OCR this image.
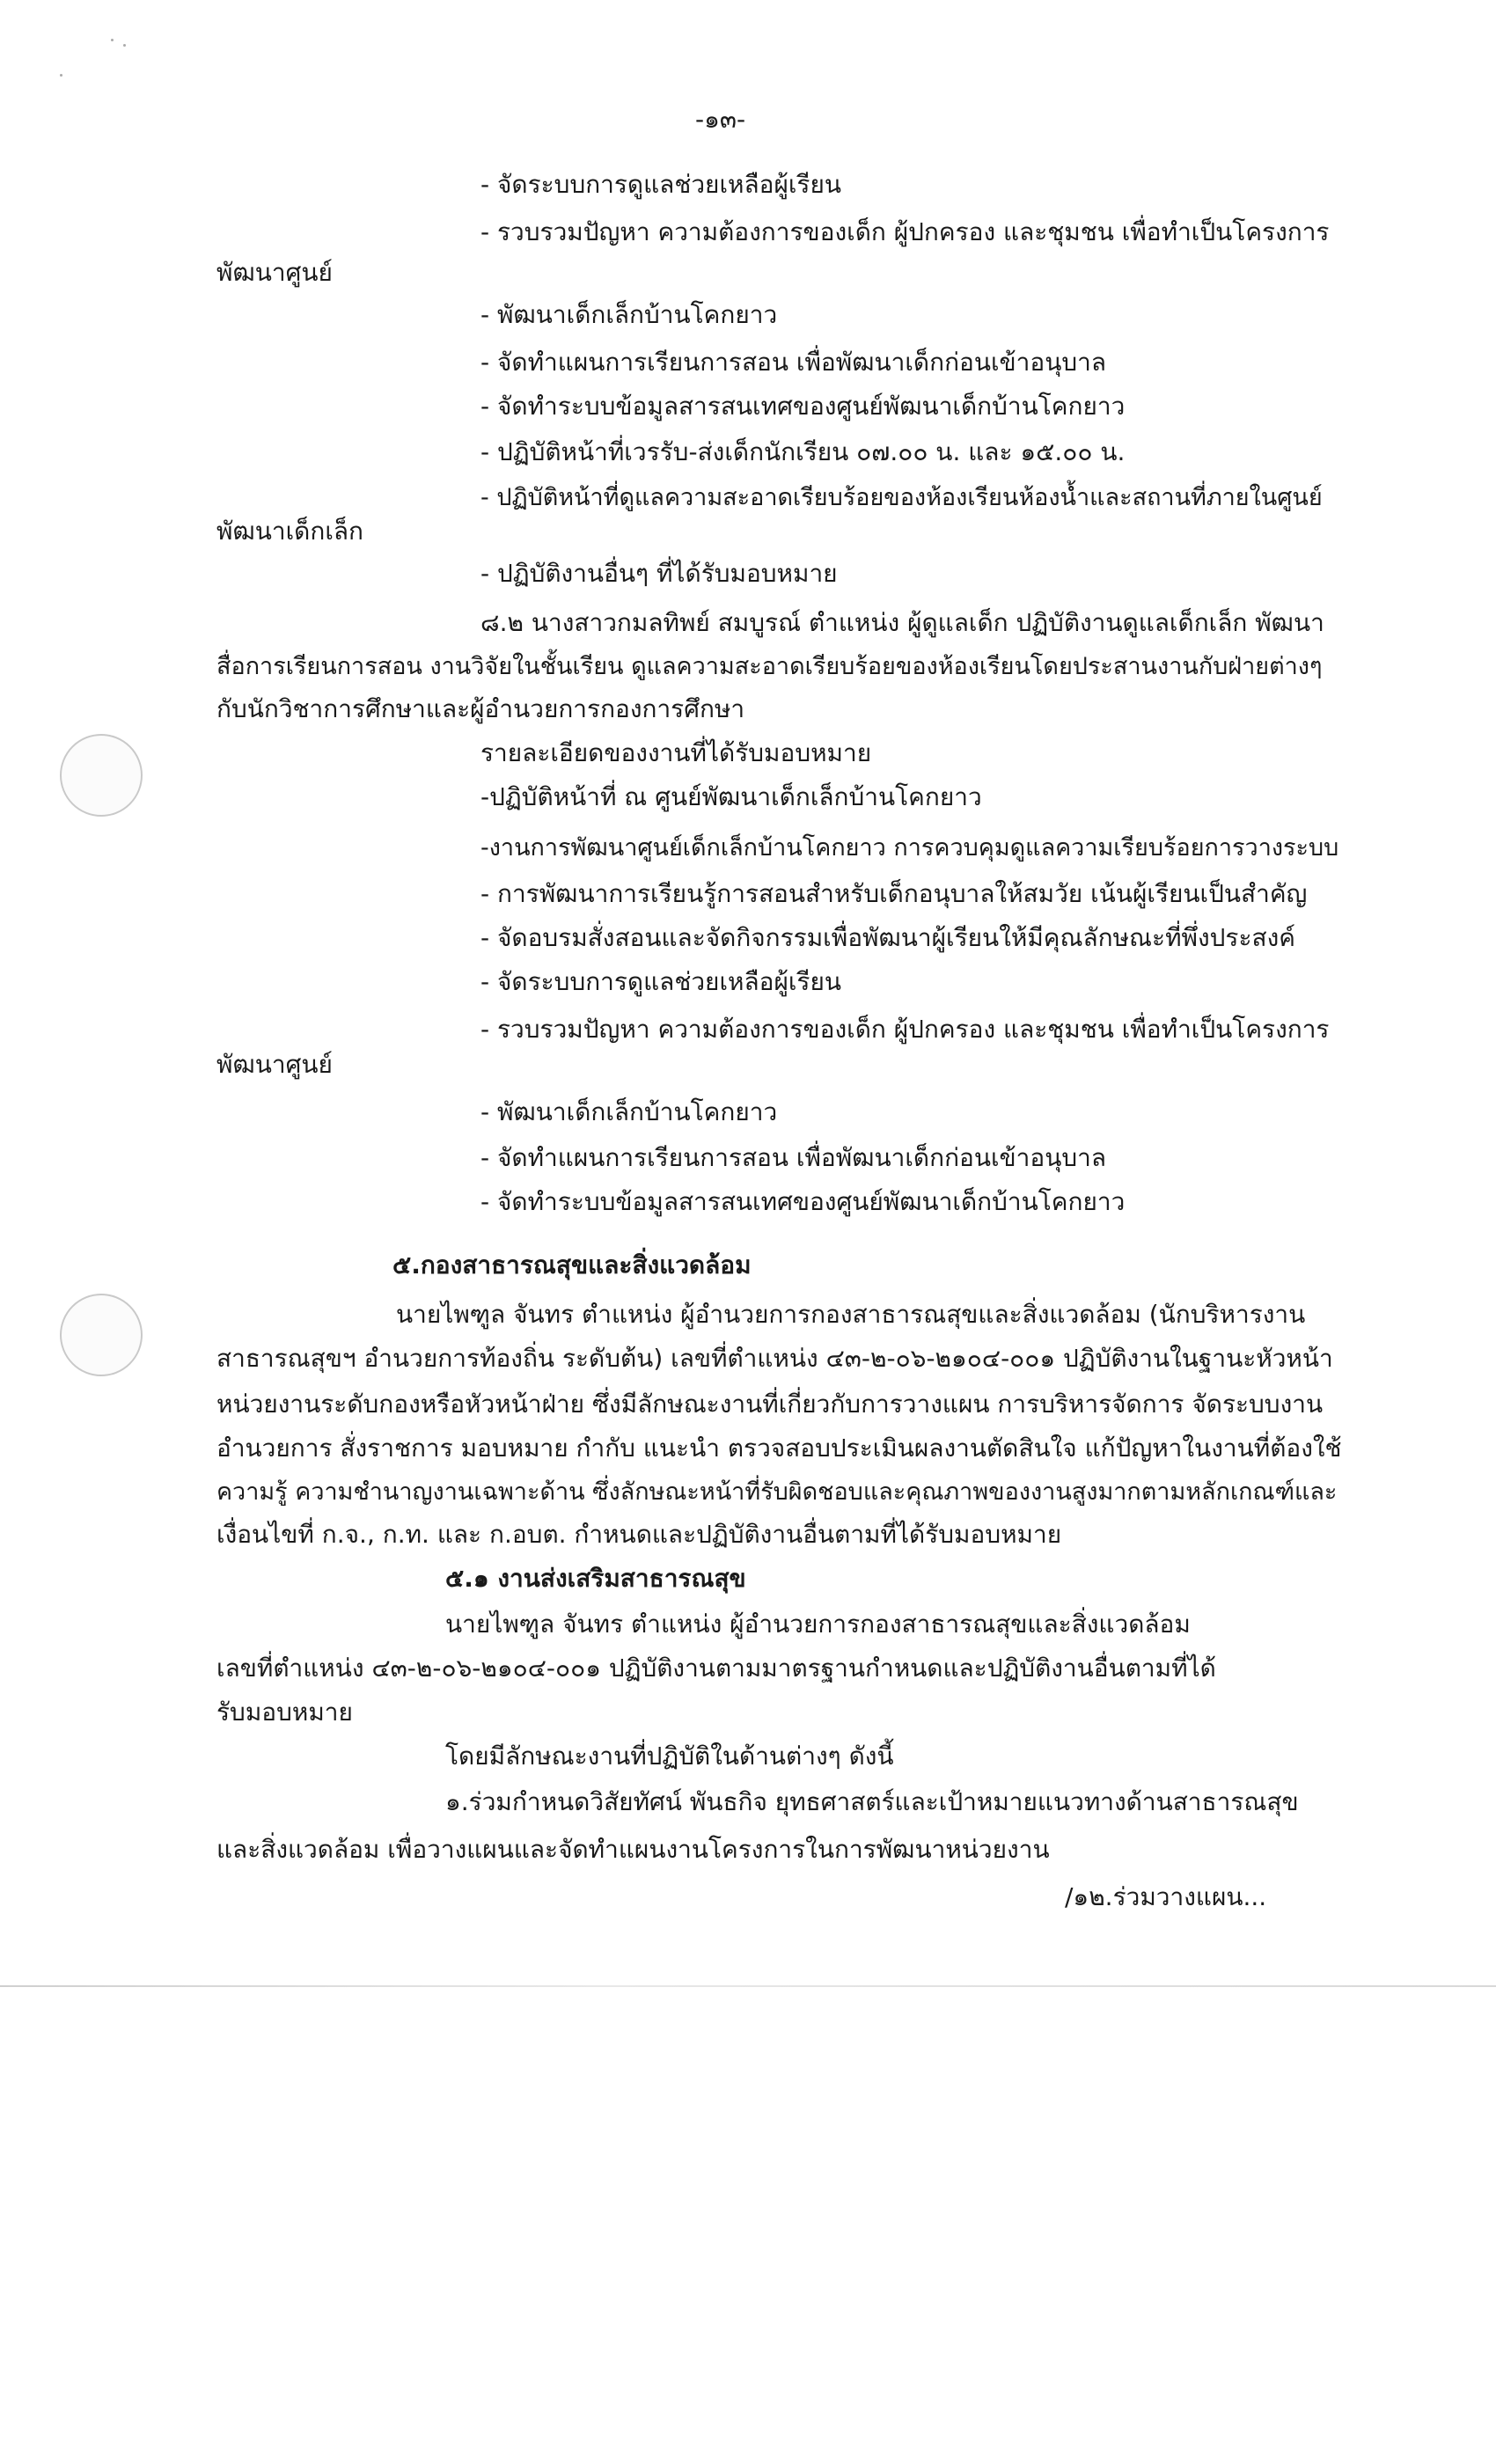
-๑๓-
- จัดระบบการดูแลช่วยเหลือผู้เรียน
- รวบรวมปัญหา ความต้องการของเด็ก ผู้ปกครอง และชุมชน เพื่อทำเป็นโครงการ
พัฒนาศูนย์
- พัฒนาเด็กเล็กบ้านโคกยาว
- จัดทำแผนการเรียนการสอน เพื่อพัฒนาเด็กก่อนเข้าอนุบาล
- จัดทำระบบข้อมูลสารสนเทศของศูนย์พัฒนาเด็กบ้านโคกยาว
- ปฏิบัติหน้าที่เวรรับ-ส่งเด็กนักเรียน ๐๗.๐๐ น. และ ๑๕.๐๐ น.
- ปฏิบัติหน้าที่ดูแลความสะอาดเรียบร้อยของห้องเรียนห้องน้ำและสถานที่ภายในศูนย์
พัฒนาเด็กเล็ก
- ปฏิบัติงานอื่นๆ ที่ได้รับมอบหมาย
๘.๒ นางสาวกมลทิพย์ สมบูรณ์ ตำแหน่ง ผู้ดูแลเด็ก ปฏิบัติงานดูแลเด็กเล็ก พัฒนา
สื่อการเรียนการสอน งานวิจัยในชั้นเรียน ดูแลความสะอาดเรียบร้อยของห้องเรียนโดยประสานงานกับฝ่ายต่างๆ
กับนักวิชาการศึกษาและผู้อำนวยการกองการศึกษา
รายละเอียดของงานที่ได้รับมอบหมาย
-ปฏิบัติหน้าที่ ณ ศูนย์พัฒนาเด็กเล็กบ้านโคกยาว
-งานการพัฒนาศูนย์เด็กเล็กบ้านโคกยาว การควบคุมดูแลความเรียบร้อยการวางระบบ
- การพัฒนาการเรียนรู้การสอนสำหรับเด็กอนุบาลให้สมวัย เน้นผู้เรียนเป็นสำคัญ
- จัดอบรมสั่งสอนและจัดกิจกรรมเพื่อพัฒนาผู้เรียนให้มีคุณลักษณะที่พึ่งประสงค์
- จัดระบบการดูแลช่วยเหลือผู้เรียน
- รวบรวมปัญหา ความต้องการของเด็ก ผู้ปกครอง และชุมชน เพื่อทำเป็นโครงการ
พัฒนาศูนย์
- พัฒนาเด็กเล็กบ้านโคกยาว
- จัดทำแผนการเรียนการสอน เพื่อพัฒนาเด็กก่อนเข้าอนุบาล
- จัดทำระบบข้อมูลสารสนเทศของศูนย์พัฒนาเด็กบ้านโคกยาว
๕.กองสาธารณสุขและสิ่งแวดล้อม
นายไพฑูล จันทร ตำแหน่ง ผู้อำนวยการกองสาธารณสุขและสิ่งแวดล้อม (นักบริหารงาน
สาธารณสุขฯ อำนวยการท้องถิ่น ระดับต้น) เลขที่ตำแหน่ง ๔๓-๒-๐๖-๒๑๐๔-๐๐๑ ปฏิบัติงานในฐานะหัวหน้า
หน่วยงานระดับกองหรือหัวหน้าฝ่าย ซึ่งมีลักษณะงานที่เกี่ยวกับการวางแผน การบริหารจัดการ จัดระบบงาน
อำนวยการ สั่งราชการ มอบหมาย กำกับ แนะนำ ตรวจสอบประเมินผลงานตัดสินใจ แก้ปัญหาในงานที่ต้องใช้
ความรู้ ความชำนาญงานเฉพาะด้าน ซึ่งลักษณะหน้าที่รับผิดชอบและคุณภาพของงานสูงมากตามหลักเกณฑ์และ
เงื่อนไขที่ ก.จ., ก.ท. และ ก.อบต. กำหนดและปฏิบัติงานอื่นตามที่ได้รับมอบหมาย
๕.๑ งานส่งเสริมสาธารณสุข
นายไพฑูล จันทร ตำแหน่ง ผู้อำนวยการกองสาธารณสุขและสิ่งแวดล้อม
เลขที่ตำแหน่ง ๔๓-๒-๐๖-๒๑๐๔-๐๐๑ ปฏิบัติงานตามมาตรฐานกำหนดและปฏิบัติงานอื่นตามที่ได้
รับมอบหมาย
โดยมีลักษณะงานที่ปฏิบัติในด้านต่างๆ ดังนี้
๑.ร่วมกำหนดวิสัยทัศน์ พันธกิจ ยุทธศาสตร์และเป้าหมายแนวทางด้านสาธารณสุข
และสิ่งแวดล้อม เพื่อวางแผนและจัดทำแผนงานโครงการในการพัฒนาหน่วยงาน
/๑๒.ร่วมวางแผน...
